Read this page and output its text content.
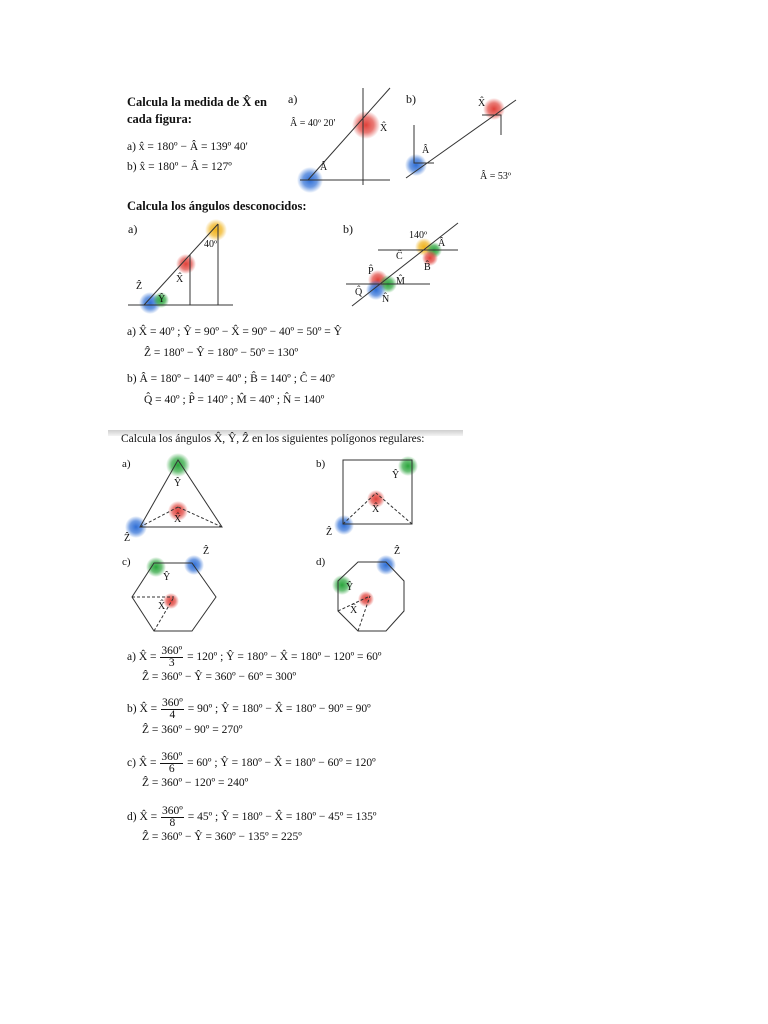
Calcula la medida de X̂ en
cada figura:
a) x̂ = 180º − Â = 139º 40'
b) x̂ = 180º − Â = 127º
a)
Â = 40º 20'	X̂
Â
b)	X̂
Â
Â = 53º
Calcula los ángulos desconocidos:
a)
40º
X̂
Ŷ
Ẑ
b)	140º
Â
Ĉ
B̂
P̂
M̂
Q̂
N̂
a) X̂ = 40º ; Ŷ = 90º − X̂ = 90º − 40º = 50º = Ŷ
Ẑ = 180º − Ŷ = 180º − 50º = 130º
b) Â = 180º − 140º = 40º ; B̂ = 140º ; Ĉ = 40º
Q̂ = 40º ; P̂ = 140º ; M̂ = 40º ; N̂ = 140º
Calcula los ángulos X̂, Ŷ, Ẑ en los siguientes polígonos regulares:
a)
Ŷ
X̂
Ẑ
b)
Ŷ
X̂
Ẑ
c)
Ẑ
Ŷ
X̂
d)
Ẑ
Ŷ
X̂
a) X̂ = $\frac{\text{360º}}{3}$ = 120º ; Ŷ = 180º − X̂ = 180º − 120º = 60º
Ẑ = 360º − Ŷ = 360º − 60º = 300º
b) X̂ = $\frac{\text{360º}}{4}$ = 90º ; Ŷ = 180º − X̂ = 180º − 90º = 90º
Ẑ = 360º − 90º = 270º
c) X̂ = $\frac{\text{360º}}{6}$ = 60º ; Ŷ = 180º − X̂ = 180º − 60º = 120º
Ẑ = 360º − 120º = 240º
d) X̂ = $\frac{\text{360º}}{8}$ = 45º ; Ŷ = 180º − X̂ = 180º − 45º = 135º
Ẑ = 360º − Ŷ = 360º − 135º = 225º
